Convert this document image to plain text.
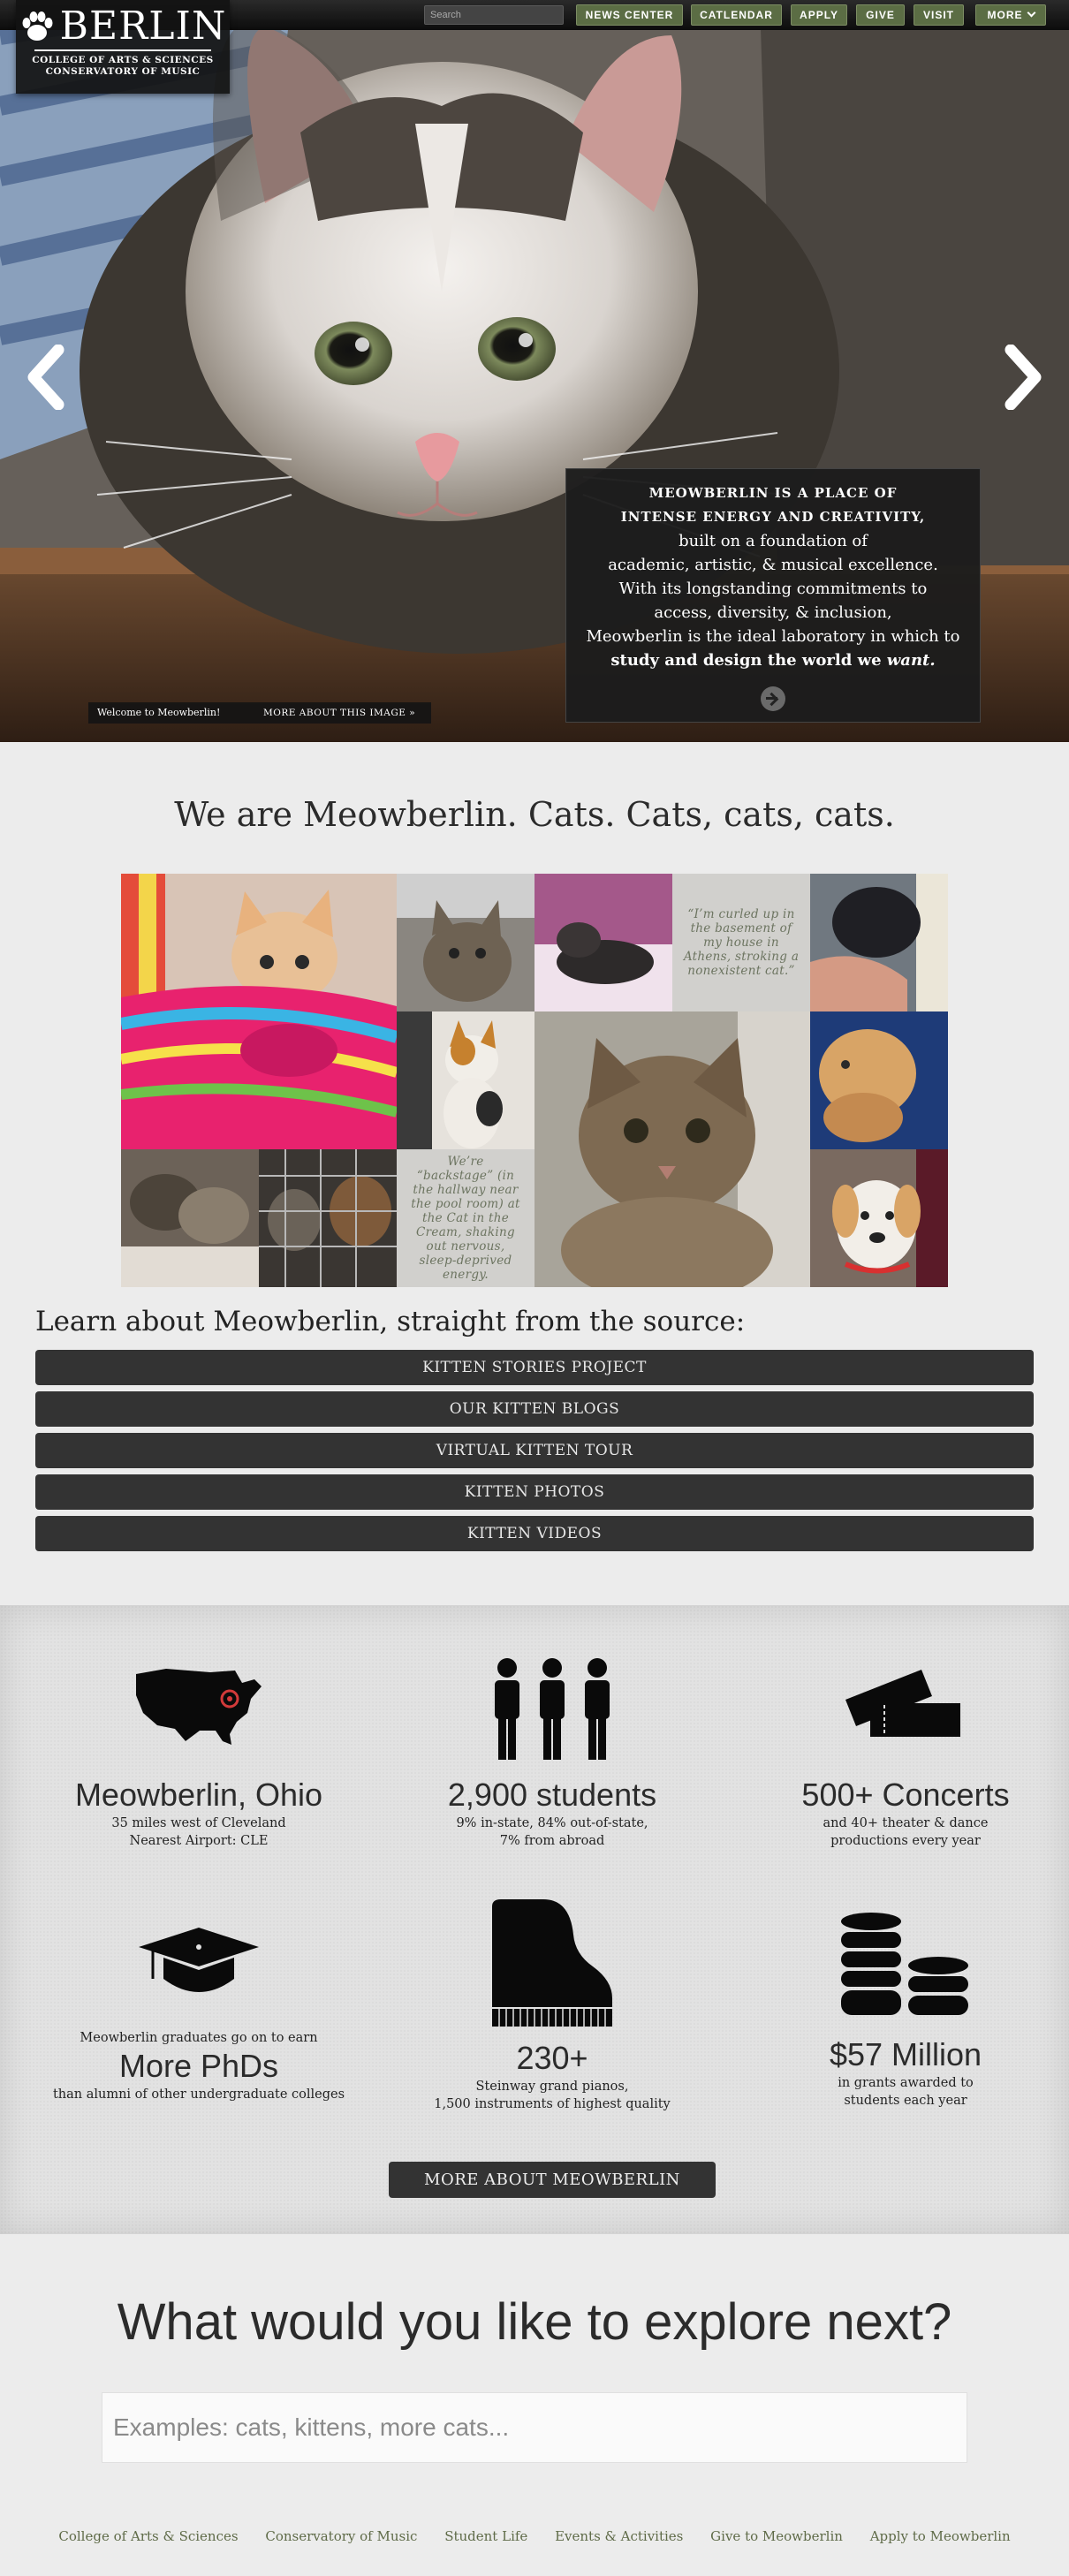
MEOWBERLIN IS A PLACE OF
INTENSE ENERGY AND CREATIVITY,
built on a foundation of
academic, artistic, & musical excellence.
With its longstanding commitments to
access, diversity, & inclusion,
Meowberlin is the ideal laboratory in which to
study and design the world we want.
Welcome to Meowberlin!	MORE ABOUT THIS IMAGE »
Search
NEWS CENTER	CATLENDAR	APPLY	GIVE	VISIT	MORE
BERLIN
COLLEGE OF ARTS & SCIENCES
CONSERVATORY OF MUSIC
We are Meowberlin. Cats. Cats, cats, cats.
“I’m curled up in the basement of my house in Athens, stroking a nonexistent cat.”
We’re “backstage” (in the hallway near the pool room) at the Cat in the Cream, shaking out nervous, sleep-deprived energy.
Learn about Meowberlin, straight from the source:
KITTEN STORIES PROJECT
OUR KITTEN BLOGS
VIRTUAL KITTEN TOUR
KITTEN PHOTOS
KITTEN VIDEOS
Meowberlin, Ohio
35 miles west of Cleveland
Nearest Airport: CLE
2,900 students
9% in-state, 84% out-of-state,
7% from abroad
500+ Concerts
and 40+ theater & dance
productions every year
Meowberlin graduates go on to earn
More PhDs
than alumni of other undergraduate colleges
230+
Steinway grand pianos,
1,500 instruments of highest quality
$57 Million
in grants awarded to
students each year
MORE ABOUT MEOWBERLIN
What would you like to explore next?
Examples: cats, kittens, more cats...
College of Arts & Sciences Conservatory of Music Student Life Events & Activities Give to Meowberlin Apply to Meowberlin
